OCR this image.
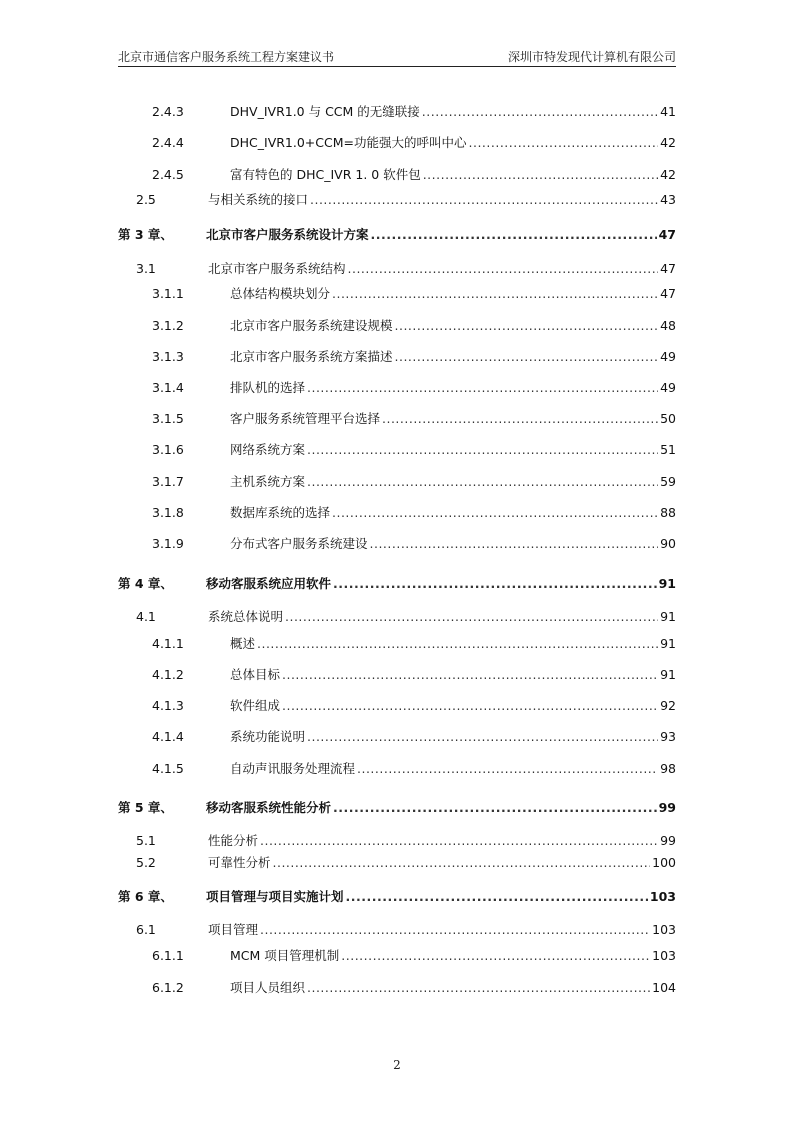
北京市通信客户服务系统工程方案建议书	深圳市特发现代计算机有限公司
2.4.3	DHV_IVR1.0 与 CCM 的无缝联接 .....	41
2.4.4	DHC_IVR1.0+CCM=功能强大的呼叫中心 .....	42
2.4.5	富有特色的 DHC_IVR 1. 0 软件包 .....	42
2.5	与相关系统的接口 .....	43
第 3 章、	北京市客户服务系统设计方案 .....	47
3.1	北京市客户服务系统结构 .....	47
3.1.1	总体结构模块划分 .....	47
3.1.2	北京市客户服务系统建设规模 .....	48
3.1.3	北京市客户服务系统方案描述 .....	49
3.1.4	排队机的选择 .....	49
3.1.5	客户服务系统管理平台选择 .....	50
3.1.6	网络系统方案 .....	51
3.1.7	主机系统方案 .....	59
3.1.8	数据库系统的选择 .....	88
3.1.9	分布式客户服务系统建设 .....	90
第 4 章、	移动客服系统应用软件 .....	91
4.1	系统总体说明 .....	91
4.1.1	概述 .....	91
4.1.2	总体目标 .....	91
4.1.3	软件组成 .....	92
4.1.4	系统功能说明 .....	93
4.1.5	自动声讯服务处理流程 .....	98
第 5 章、	移动客服系统性能分析 .....	99
5.1	性能分析 .....	99
5.2	可靠性分析 .....	100
第 6 章、	项目管理与项目实施计划 .....	103
6.1	项目管理 .....	103
6.1.1	MCM 项目管理机制 .....	103
6.1.2	项目人员组织 .....	104
2
